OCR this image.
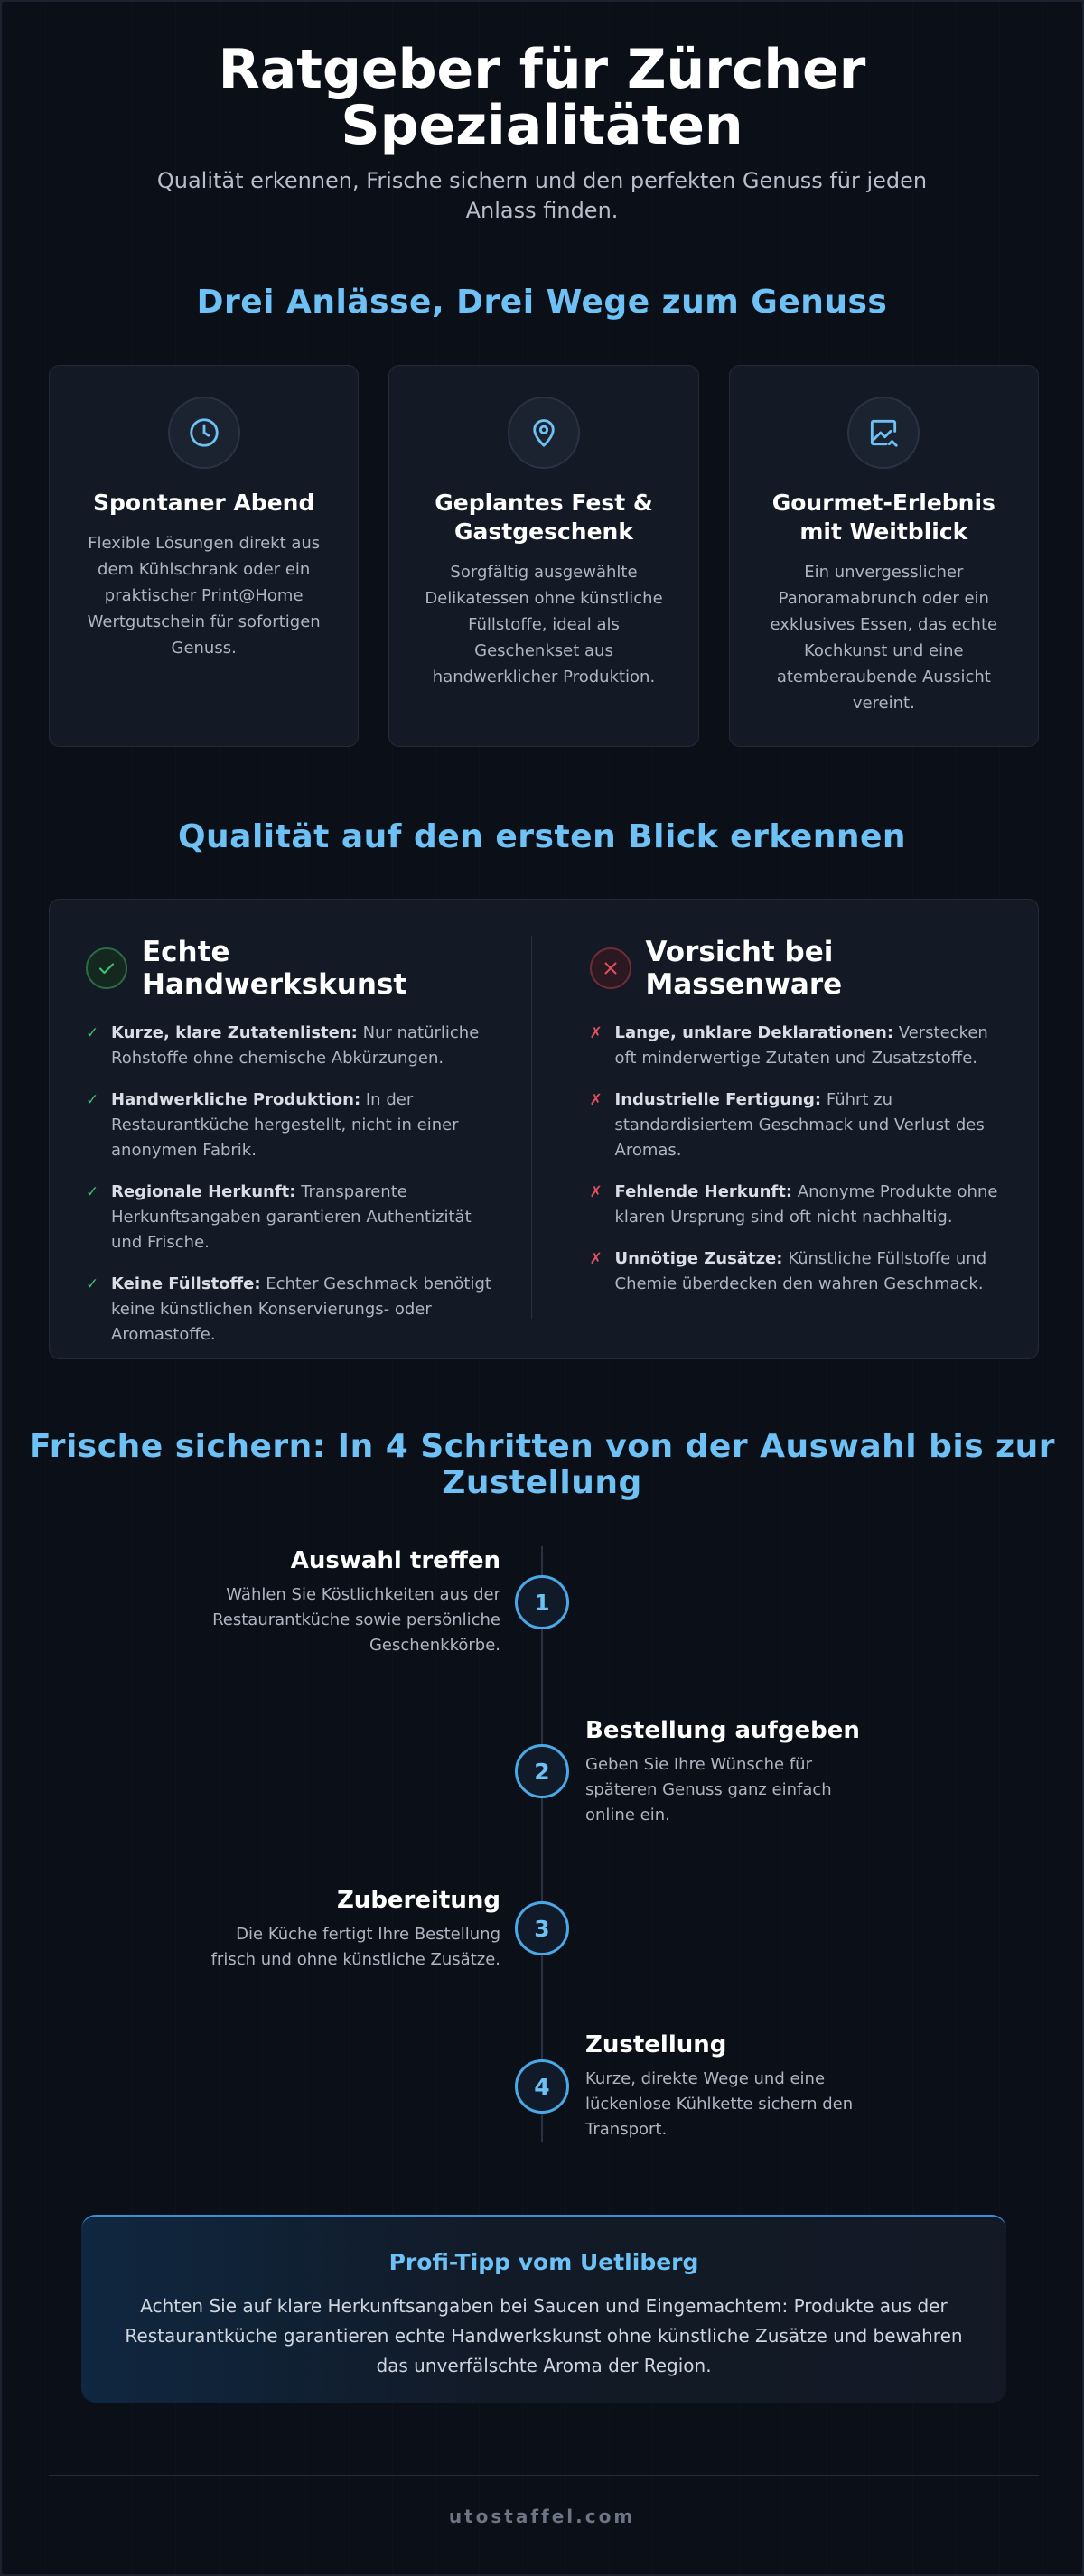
Ratgeber für Zürcher Spezialitäten

Qualität erkennen, Frische sichern und den perfekten Genuss für jeden Anlass finden.

Drei Anlässe, Drei Wege zum Genuss
Spontaner Abend

Flexible Lösungen direkt aus dem Kühlschrank oder ein praktischer Print@Home Wertgutschein für sofortigen Genuss.

Geplantes Fest & Gastgeschenk

Sorgfältig ausgewählte Delikatessen ohne künstliche Füllstoffe, ideal als Geschenkset aus handwerklicher Produktion.

Gourmet-Erlebnis mit Weitblick

Ein unvergesslicher Panoramabrunch oder ein exklusives Essen, das echte Kochkunst und eine atemberaubende Aussicht vereint.

Qualität auf den ersten Blick erkennen
Echte Handwerkskunst
✓ Kurze, klare Zutatenlisten: Nur natürliche Rohstoffe ohne chemische Abkürzungen.
✓ Handwerkliche Produktion: In der Restaurantküche hergestellt, nicht in einer anonymen Fabrik.
✓ Regionale Herkunft: Transparente Herkunftsangaben garantieren Authentizität und Frische.
✓ Keine Füllstoffe: Echter Geschmack benötigt keine künstlichen Konservierungs- oder Aromastoffe.
Vorsicht bei Massenware
✗ Lange, unklare Deklarationen: Verstecken oft minderwertige Zutaten und Zusatzstoffe.
✗ Industrielle Fertigung: Führt zu standardisiertem Geschmack und Verlust des Aromas.
✗ Fehlende Herkunft: Anonyme Produkte ohne klaren Ursprung sind oft nicht nachhaltig.
✗ Unnötige Zusätze: Künstliche Füllstoffe und Chemie überdecken den wahren Geschmack.
Frische sichern: In 4 Schritten von der Auswahl bis zur Zustellung
Auswahl treffen

Wählen Sie Köstlichkeiten aus der Restaurantküche sowie persönliche Geschenkkörbe.

1
Bestellung aufgeben

Geben Sie Ihre Wünsche für späteren Genuss ganz einfach online ein.

2
Zubereitung

Die Küche fertigt Ihre Bestellung frisch und ohne künstliche Zusätze.

3
Zustellung

Kurze, direkte Wege und eine lückenlose Kühlkette sichern den Transport.

4
Profi-Tipp vom Uetliberg

Achten Sie auf klare Herkunftsangaben bei Saucen und Eingemachtem: Produkte aus der Restaurantküche garantieren echte Handwerkskunst ohne künstliche Zusätze und bewahren das unverfälschte Aroma der Region.

utostaffel.com
